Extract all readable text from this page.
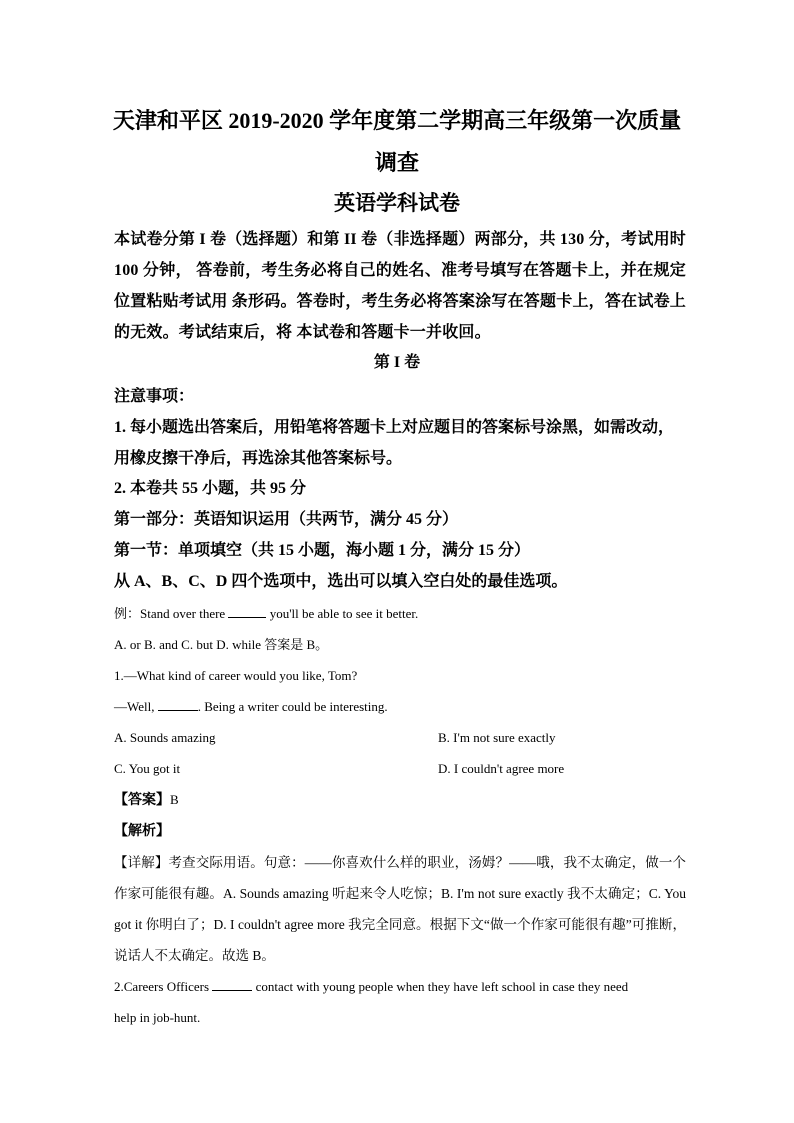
天津和平区 2019-2020 学年度第二学期高三年级第一次质量

调查

英语学科试卷

本试卷分第 I 卷（选择题）和第 II 卷（非选择题）两部分，共 130 分，考试用时 100 分钟， 答卷前，考生务必将自己的姓名、准考号填写在答题卡上，并在规定位置粘贴考试用 条形码。答卷时，考生务必将答案涂写在答题卡上，答在试卷上的无效。考试结束后，将 本试卷和答题卡一并收回。

第 I 卷

注意事项：
1. 每小题选出答案后，用铅笔将答题卡上对应题目的答案标号涂黑，如需改动，用橡皮擦干净后，再选涂其他答案标号。
2. 本卷共 55 小题，共 95 分
第一部分：英语知识运用（共两节，满分 45 分）
第一节：单项填空（共 15 小题，海小题 1 分，满分 15 分）
从 A、B、C、D 四个选项中，选出可以填入空白处的最佳选项。
例：Stand over there	you'll be able to see it better.
A. or B. and C. but D. while 答案是 B。
1.—What kind of career would you like, Tom?
—Well,	. Being a writer could be interesting.
A. Sounds amazing	B. I'm not sure exactly
C. You got it	D. I couldn't agree more
【答案】B
【解析】

【详解】考查交际用语。句意：——你喜欢什么样的职业，汤姆？——哦，我不太确定，做一个作家可能很有趣。A. Sounds amazing 听起来令人吃惊；B. I'm not sure exactly 我不太确定；C. You got it 你明白了；D. I couldn't agree more 我完全同意。根据下文“做一个作家可能很有趣”可推断，说话人不太确定。故选 B。

2.Careers Officers	contact with young people when they have left school in case they need
help in job-hunt.
